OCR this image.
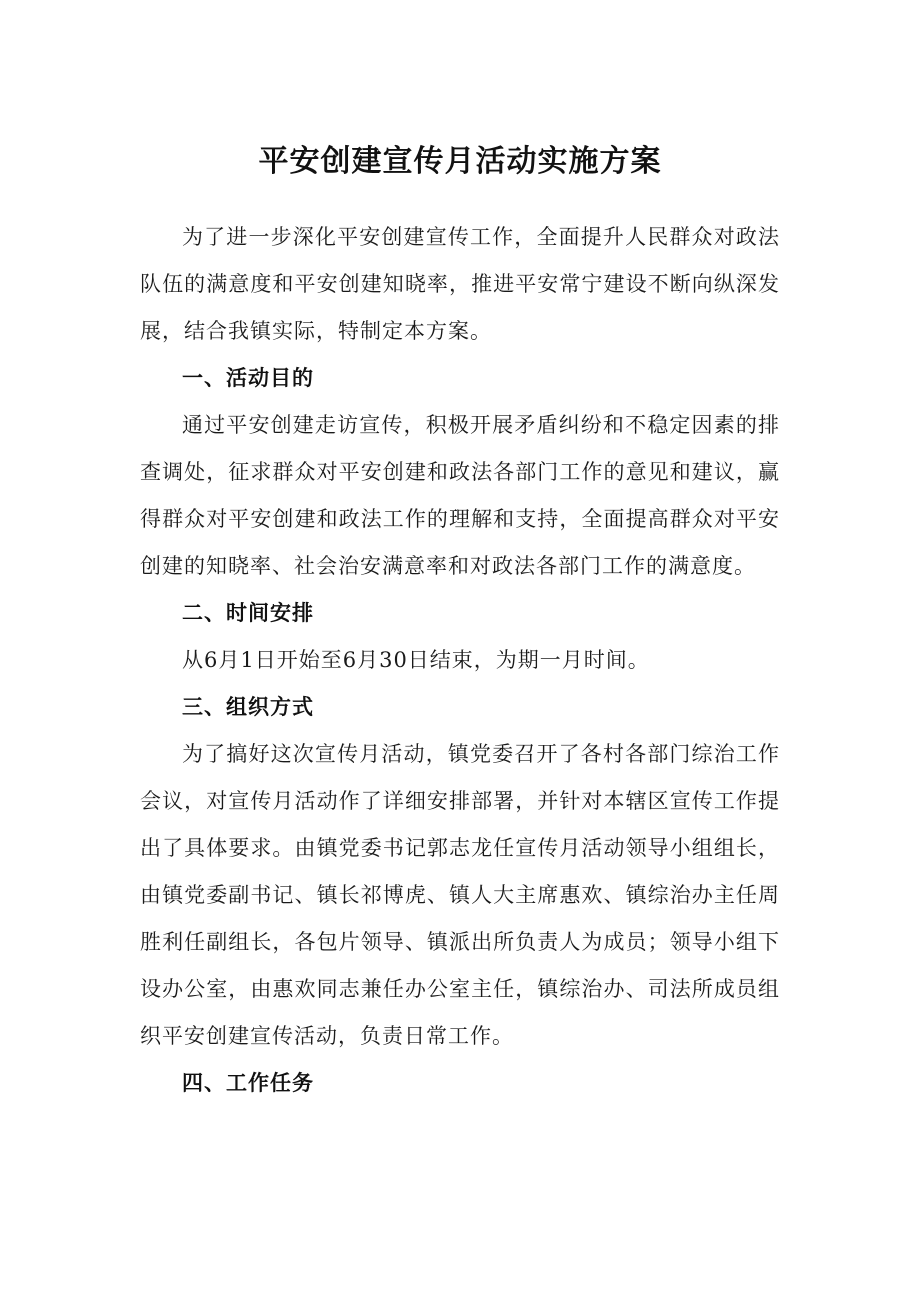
平安创建宣传月活动实施方案

为了进一步深化平安创建宣传工作，全面提升人民群众对政法队伍的满意度和平安创建知晓率，推进平安常宁建设不断向纵深发展，结合我镇实际，特制定本方案。

一、活动目的

通过平安创建走访宣传，积极开展矛盾纠纷和不稳定因素的排查调处，征求群众对平安创建和政法各部门工作的意见和建议，赢得群众对平安创建和政法工作的理解和支持，全面提高群众对平安创建的知晓率、社会治安满意率和对政法各部门工作的满意度。

二、时间安排

从6月1日开始至6月30日结束，为期一月时间。

三、组织方式

为了搞好这次宣传月活动，镇党委召开了各村各部门综治工作会议，对宣传月活动作了详细安排部署，并针对本辖区宣传工作提出了具体要求。由镇党委书记郭志龙任宣传月活动领导小组组长，由镇党委副书记、镇长祁博虎、镇人大主席惠欢、镇综治办主任周胜利任副组长，各包片领导、镇派出所负责人为成员；领导小组下设办公室，由惠欢同志兼任办公室主任，镇综治办、司法所成员组织平安创建宣传活动，负责日常工作。

四、工作任务
